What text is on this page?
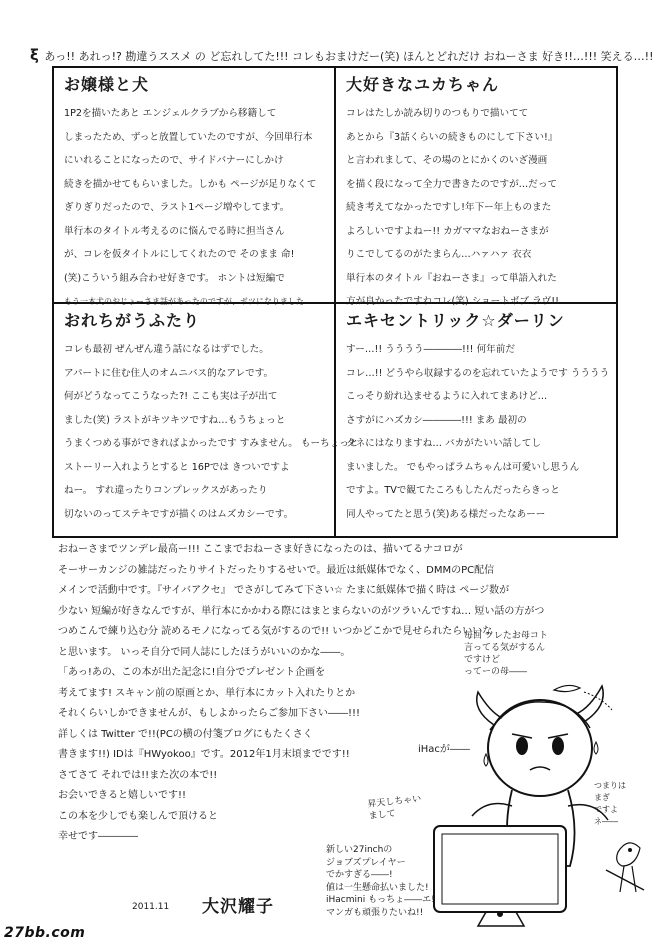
ξ あっ!! あれっ!? 勘違うススメ の ど忘れしてた!!! コレもおまけだー(笑) ほんとどれだけ おねーさま 好き!!…!!! 笑える…!!
お嬢様と犬

1P2を描いたあと エンジェルクラブから移籍して

しまったため、ずっと放置していたのですが、今回単行本

にいれることになったので、サイドバナーにしかけ

続きを描かせてもらいました。しかも ページが足りなくて

ぎりぎりだったので、ラスト1ページ増やしてます。

単行本のタイトル考えるのに悩んでる時に担当さん

が、コレを仮タイトルにしてくれたので そのまま 命!

(笑)こういう組み合わせ好きです。 ホントは短編で

もう一本犬のおじょーさま話があったのですが、ボツになりました

大好きなユカちゃん

コレはたしか読み切りのつもりで描いてて

あとから『3話くらいの続きものにして下さい!』

と言われまして、その場のとにかくのいざ漫画

を描く段になって全力で書きたのですが…だって

続き考えてなかったですし!年下ー年上ものまた

よろしいですよねー!! カガママなおねーさまが

りこでしてるのがたまらん…ハァハァ 衣衣

単行本のタイトル『おねーさま』って単語入れた

方が良かったですねコレ(笑) ショートボブ ラヴ!!

おれちがうふたり

コレも最初 ぜんぜん違う話になるはずでした。

アパートに住む住人のオムニバス的なアレです。

何がどうなってこうなった?! ここも実は子が出て

ました(笑) ラストがキツキツですね…もうちょっと

うまくつめる事ができればよかったです すみません。 もーちょっと

ストーリー入れようとすると 16Pでは きついですよ

ねー。 すれ違ったりコンプレックスがあったり

切ないのってステキですが描くのはムズカシーです。

エキセントリック☆ダーリン

すー…!! うううう――――!!! 何年前だ

コレ…!! どうやら収録するのを忘れていたようです うううう

こっそり紛れ込ませるように入れてまあけど…

さすがにハズカシ――――!!! まあ 最初の

タネにはなりますね… バカがたいい話してし

まいました。 でもやっぱラムちゃんは可愛いし思うん

ですよ。TVで観てたころもしたんだったらきっと

同人やってたと思う(笑)ある様だったなあーー

おねーさまでツンデレ最高ー!!! ここまでおねーさま好きになったのは、描いてるナコロが

そーサーカンジの雑誌だったりサイトだったりするせいで。最近は紙媒体でなく、DMMのPC配信

メインで活動中です。『サイバアクセ』 でさがしてみて下さい☆ たまに紙媒体で描く時は ページ数が

少ない 短編が好きなんですが、単行本にかかわる際にはまとまらないのがツラいんですね… 短い話の方がつ

つめこんで練り込む分 読めるモノになってる気がするので!! いつかどこかで見せられたらいいな

と思います。 いっそ自分で同人誌にしたほうがいいのかな――。

「あっ!あの、この本が出た記念に!自分でプレゼント企画を

考えてます! スキャン前の原画とか、単行本にカット入れたりとか

それくらいしかできませんが、もしよかったらご参加下さい――!!!

詳しくは Twitter で!!(PCの横の付箋ブログにもたくさく

書きます!!) IDは『HWyokoo』です。2012年1月末頃までです!!

さてさて それでは!!また次の本で!!

お会いできると嬉しいです!!

この本を少しでも楽しんで頂けると

幸せです――――

2011.11 大沢耀子
毎回 ソレたお母コト
言ってる気がするん
ですけど
ってーの母――
iHacが――
昇天しちゃい
まして
つまりは
まぎ
ですよ
ネ――
新しい27inchの
ジョブズプレイヤー
でかすぎる――!
値は一生懸命払いました!
iHacmini もっちょ――エ!
マンガも頑張りたいね!!
27bb.com
